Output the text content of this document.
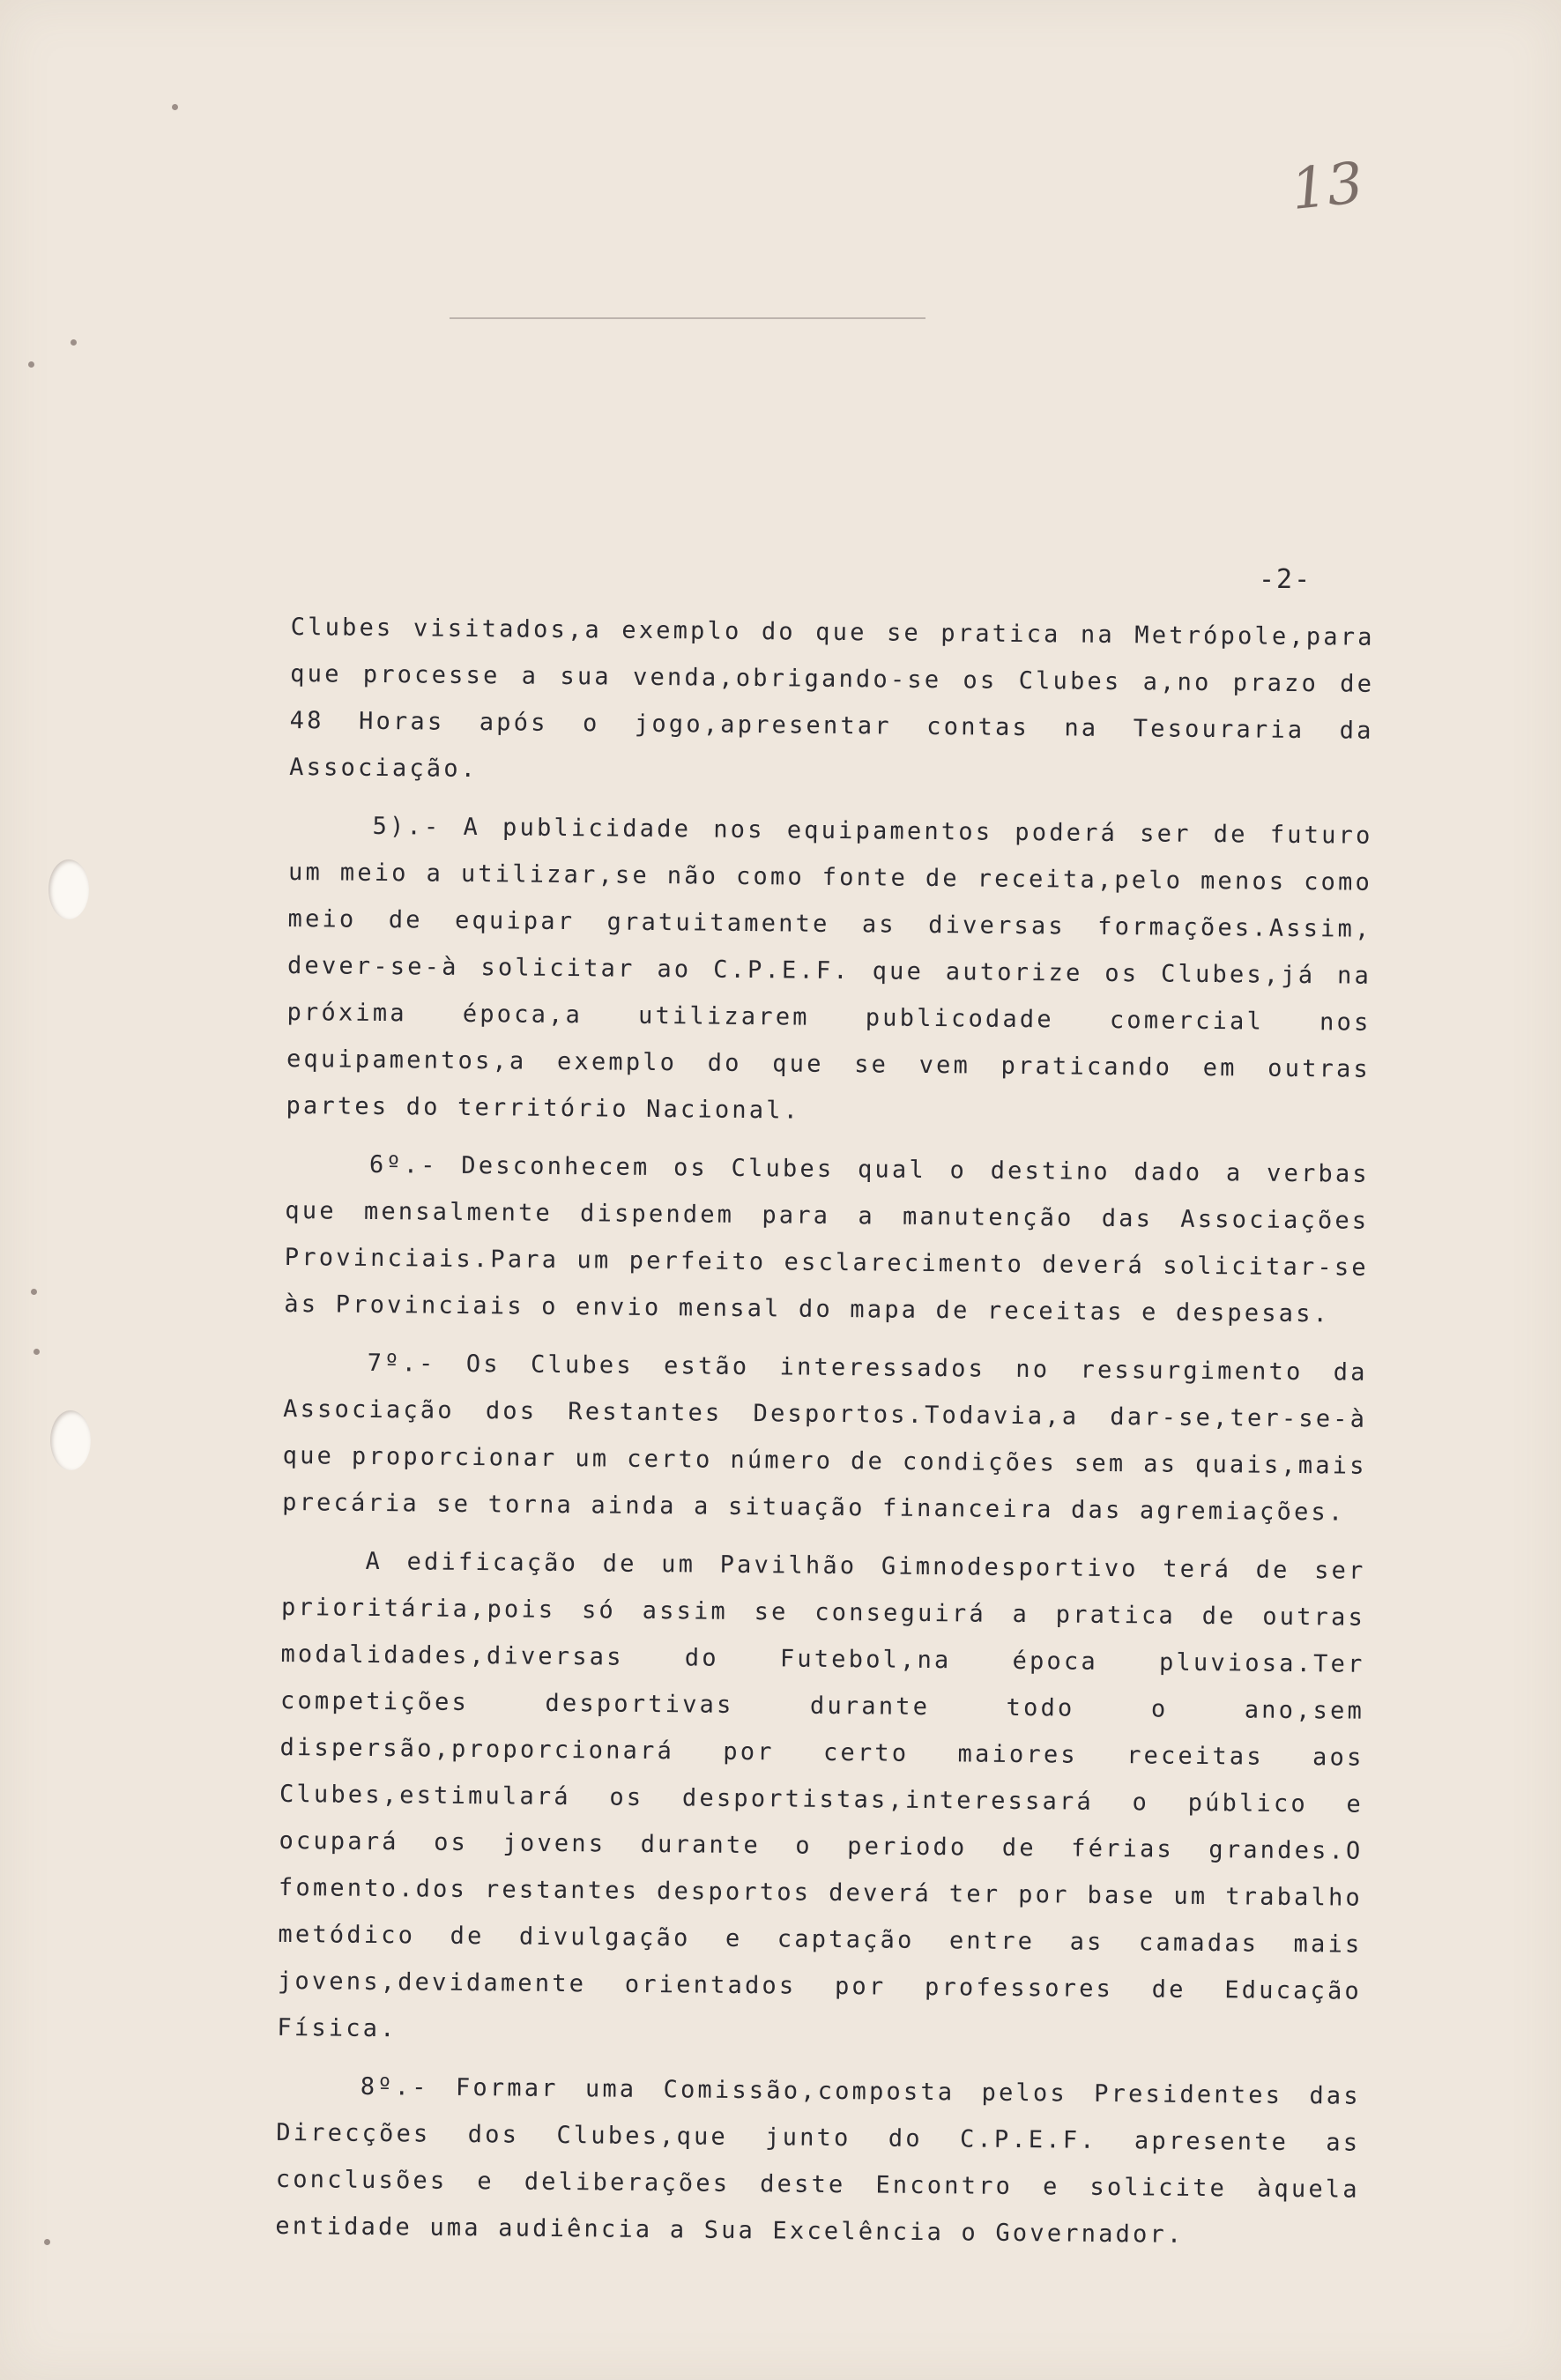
13
-2-

Clubes visitados,a exemplo do que se pratica na Metrópole,para que processe a sua venda,obrigando-se os Clubes a,no prazo de 48 Horas após o jogo,apresentar contas na Tesouraria da Associação.

5).- A publicidade nos equipamentos poderá ser de futuro um meio a utilizar,se não como fonte de receita,pelo menos como meio de equipar gratuitamente as diversas formações.Assim, dever-se-à solicitar ao C.P.E.F. que autorize os Clubes,já na próxima época,a utilizarem publicodade comercial nos equipamentos,a exemplo do que se vem praticando em outras partes do território Nacional.

6º.- Desconhecem os Clubes qual o destino dado a verbas que mensalmente dispendem para a manutenção das Associações Provinciais.Para um perfeito esclarecimento deverá solicitar-se às Provinciais o envio mensal do mapa de receitas e despesas.

7º.- Os Clubes estão interessados no ressurgimento da Associação dos Restantes Desportos.Todavia,a dar-se,ter-se-à que proporcionar um certo número de condições sem as quais,mais precária se torna ainda a situação financeira das agremiações.

A edificação de um Pavilhão Gimnodesportivo terá de ser prioritária,pois só assim se conseguirá a pratica de outras modalidades,diversas do Futebol,na época pluviosa.Ter competições desportivas durante todo o ano,sem dispersão,proporcionará por certo maiores receitas aos Clubes,estimulará os desportistas,interessará o público e ocupará os jovens durante o periodo de férias grandes.O fomento.dos restantes desportos deverá ter por base um trabalho metódico de divulgação e captação entre as camadas mais jovens,devidamente orientados por professores de Educação Física.

8º.- Formar uma Comissão,composta pelos Presidentes das Direcções dos Clubes,que junto do C.P.E.F. apresente as conclusões e deliberações deste Encontro e solicite àquela entidade uma audiência a Sua Excelência o Governador.
